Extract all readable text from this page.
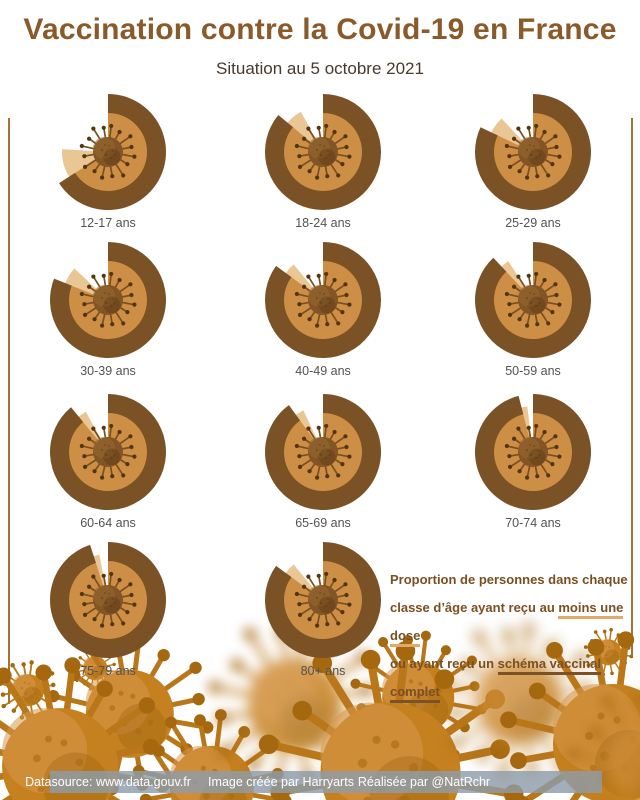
Vaccination contre la Covid-19 en France
Situation au 5 octobre 2021
12-17 ans	18-24 ans	25-29 ans
30-39 ans	40-49 ans	50-59 ans
60-64 ans	65-69 ans	70-74 ans
75-79 ans	80+ ans
Proportion de personnes dans chaque
classe d’âge ayant reçu au moins une dose
ou ayant reçu un schéma vaccinal complet
Datasource: www.data.gouv.fr Image créée par Harryarts Réalisée par @NatRchr
